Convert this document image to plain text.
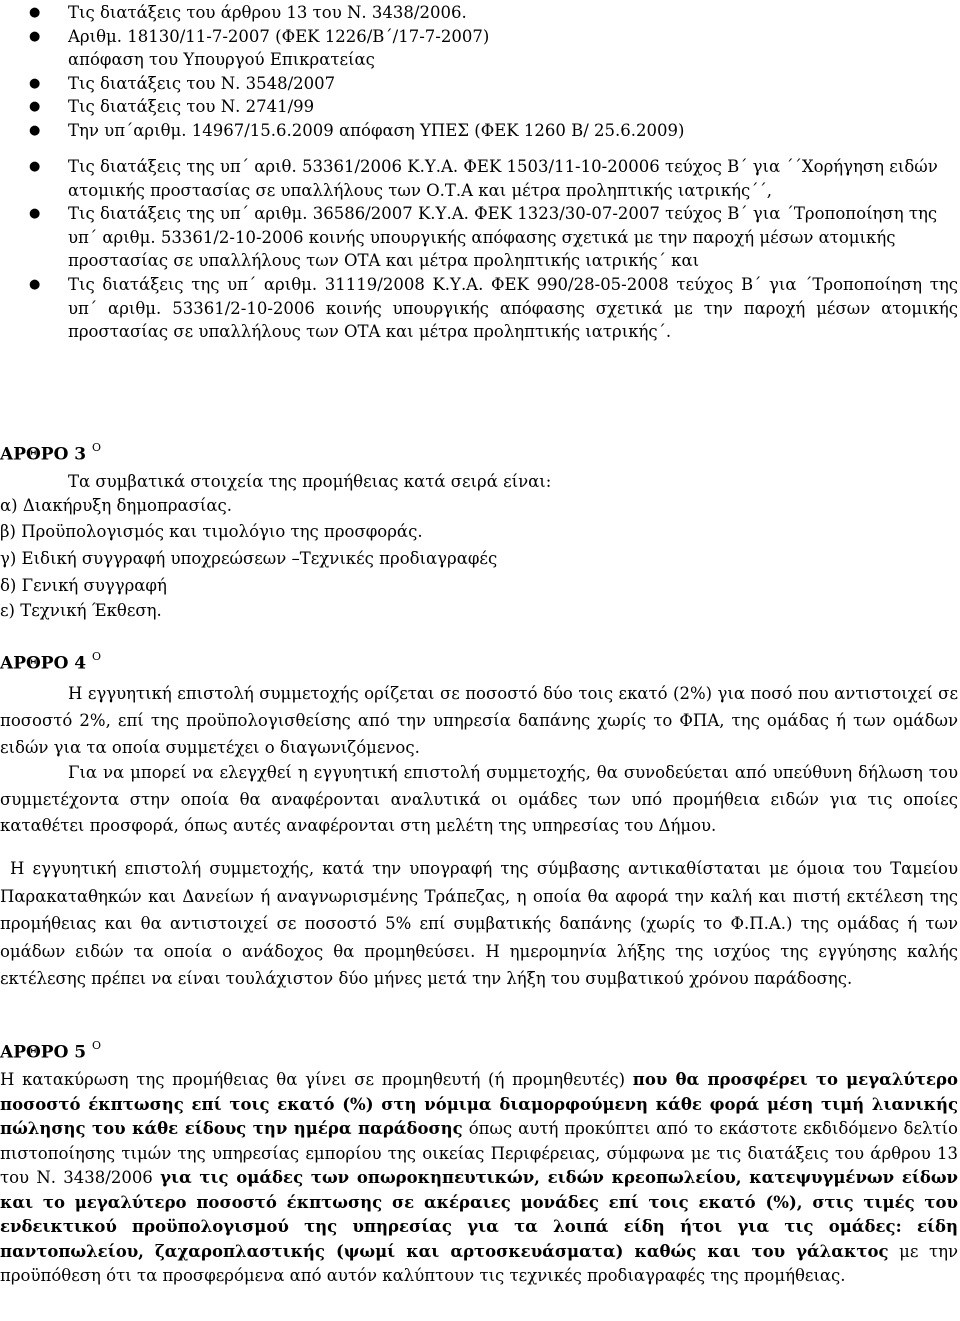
● Τις διατάξεις του άρθρου 13 του Ν. 3438/2006.
● Αριθμ. 18130/11-7-2007 (ΦΕΚ 1226/Β΄/17-7-2007) απόφαση του Υπουργού Επικρατείας
● Τις διατάξεις του Ν. 3548/2007
● Τις διατάξεις του Ν. 2741/99
● Την υπ΄αριθμ. 14967/15.6.2009 απόφαση ΥΠΕΣ (ΦΕΚ 1260 Β/ 25.6.2009)
● Τις διατάξεις της υπ΄ αριθ. 53361/2006 Κ.Υ.Α. ΦΕΚ 1503/11-10-20006 τεύχος Β΄ για ΄΄Χορήγηση ειδών ατομικής προστασίας σε υπαλλήλους των Ο.Τ.Α και μέτρα προληπτικής ιατρικής΄΄,
● Τις διατάξεις της υπ΄ αριθμ. 36586/2007 Κ.Υ.Α. ΦΕΚ 1323/30-07-2007 τεύχος Β΄ για ΄Τροποποίηση της υπ΄ αριθμ. 53361/2-10-2006 κοινής υπουργικής απόφασης σχετικά με την παροχή μέσων ατομικής προστασίας σε υπαλλήλους των ΟΤΑ και μέτρα προληπτικής ιατρικής΄ και
● Τις διατάξεις της υπ΄ αριθμ. 31119/2008 Κ.Υ.Α. ΦΕΚ 990/28-05-2008 τεύχος Β΄ για ΄Τροποποίηση της υπ΄ αριθμ. 53361/2-10-2006 κοινής υπουργικής απόφασης σχετικά με την παροχή μέσων ατομικής προστασίας σε υπαλλήλους των ΟΤΑ και μέτρα προληπτικής ιατρικής΄.
ΑΡΘΡΟ 3 $^O$
Τα συμβατικά στοιχεία της προμήθειας κατά σειρά είναι:
α) Διακήρυξη δημοπρασίας.
β) Προϋπολογισμός και τιμολόγιο της προσφοράς.
γ) Ειδική συγγραφή υποχρεώσεων –Τεχνικές προδιαγραφές
δ) Γενική συγγραφή
ε) Τεχνική Έκθεση.
ΑΡΘΡΟ 4 $^O$
Η εγγυητική επιστολή συμμετοχής ορίζεται σε ποσοστό δύο τοις εκατό (2%) για ποσό που αντιστοιχεί σε ποσοστό 2%, επί της προϋπολογισθείσης από την υπηρεσία δαπάνης χωρίς το ΦΠΑ, της ομάδας ή των ομάδων ειδών για τα οποία συμμετέχει ο διαγωνιζόμενος.
Για να μπορεί να ελεγχθεί η εγγυητική επιστολή συμμετοχής, θα συνοδεύεται από υπεύθυνη δήλωση του συμμετέχοντα στην οποία θα αναφέρονται αναλυτικά οι ομάδες των υπό προμήθεια ειδών για τις οποίες καταθέτει προσφορά, όπως αυτές αναφέρονται στη μελέτη της υπηρεσίας του Δήμου.
Η εγγυητική επιστολή συμμετοχής, κατά την υπογραφή της σύμβασης αντικαθίσταται με όμοια του Ταμείου Παρακαταθηκών και Δανείων ή αναγνωρισμένης Τράπεζας, η οποία θα αφορά την καλή και πιστή εκτέλεση της προμήθειας και θα αντιστοιχεί σε ποσοστό 5% επί συμβατικής δαπάνης (χωρίς το Φ.Π.Α.) της ομάδας ή των ομάδων ειδών τα οποία ο ανάδοχος θα προμηθεύσει. Η ημερομηνία λήξης της ισχύος της εγγύησης καλής εκτέλεσης πρέπει να είναι τουλάχιστον δύο μήνες μετά την λήξη του συμβατικού χρόνου παράδοσης.
ΑΡΘΡΟ 5 $^O$
Η κατακύρωση της προμήθειας θα γίνει σε προμηθευτή (ή προμηθευτές) που θα προσφέρει το μεγαλύτερο ποσοστό έκπτωσης επί τοις εκατό (%) στη νόμιμα διαμορφούμενη κάθε φορά μέση τιμή λιανικής πώλησης του κάθε είδους την ημέρα παράδοσης όπως αυτή προκύπτει από το εκάστοτε εκδιδόμενο δελτίο πιστοποίησης τιμών της υπηρεσίας εμπορίου της οικείας Περιφέρειας, σύμφωνα με τις διατάξεις του άρθρου 13 του Ν. 3438/2006 για τις ομάδες των οπωροκηπευτικών, ειδών κρεοπωλείου, κατεψυγμένων είδων και το μεγαλύτερο ποσοστό έκπτωσης σε ακέραιες μονάδες επί τοις εκατό (%), στις τιμές του ενδεικτικού προϋπολογισμού της υπηρεσίας για τα λοιπά είδη ήτοι για τις ομάδες: είδη παντοπωλείου, ζαχαροπλαστικής (ψωμί και αρτοσκευάσματα) καθώς και του γάλακτος με την προϋπόθεση ότι τα προσφερόμενα από αυτόν καλύπτουν τις τεχνικές προδιαγραφές της προμήθειας.
